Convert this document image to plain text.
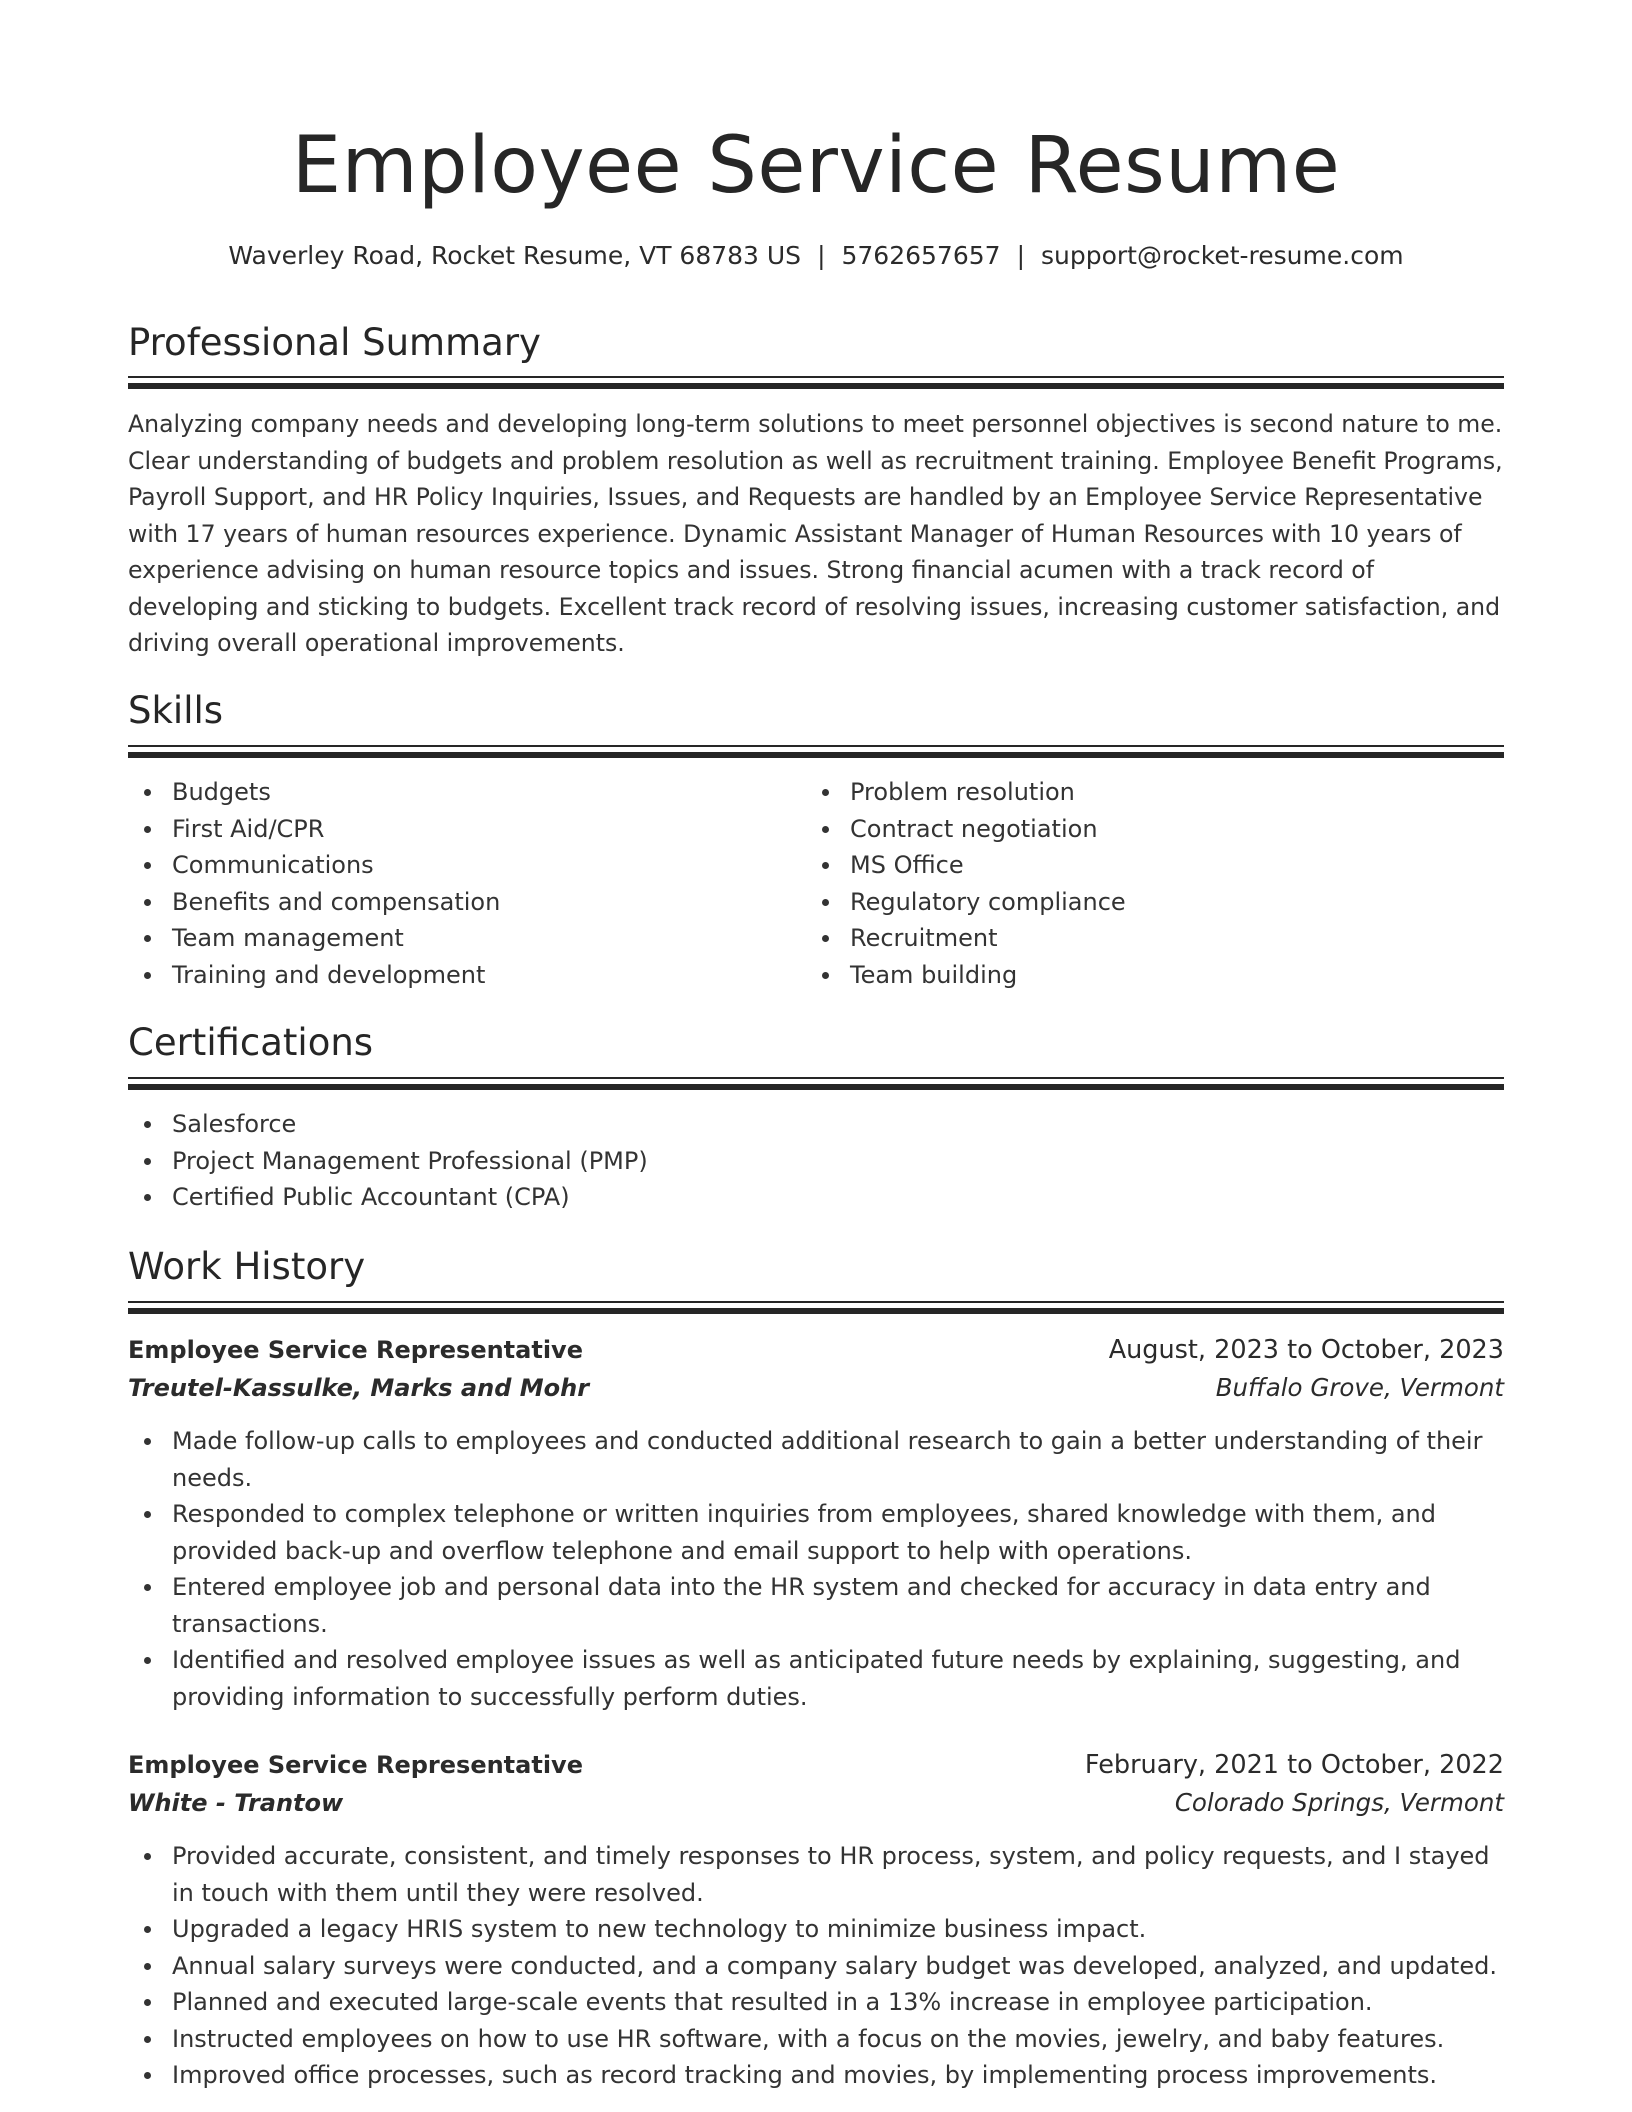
Employee Service Resume
Waverley Road, Rocket Resume, VT 68783 US | 5762657657 | support@rocket-resume.com
Professional Summary

Analyzing company needs and developing long-term solutions to meet personnel objectives is second nature to me. Clear understanding of budgets and problem resolution as well as recruitment training. Employee Benefit Programs, Payroll Support, and HR Policy Inquiries, Issues, and Requests are handled by an Employee Service Representative with 17 years of human resources experience. Dynamic Assistant Manager of Human Resources with 10 years of experience advising on human resource topics and issues. Strong financial acumen with a track record of developing and sticking to budgets. Excellent track record of resolving issues, increasing customer satisfaction, and driving overall operational improvements.

Skills
Budgets
First Aid/CPR
Communications
Benefits and compensation
Team management
Training and development
Problem resolution
Contract negotiation
MS Office
Regulatory compliance
Recruitment
Team building
Certifications
Salesforce
Project Management Professional (PMP)
Certified Public Accountant (CPA)
Work History
Employee Service Representative	August, 2023 to October, 2023
Treutel-Kassulke, Marks and Mohr	Buffalo Grove, Vermont
Made follow-up calls to employees and conducted additional research to gain a better understanding of their needs.
Responded to complex telephone or written inquiries from employees, shared knowledge with them, and provided back-up and overflow telephone and email support to help with operations.
Entered employee job and personal data into the HR system and checked for accuracy in data entry and transactions.
Identified and resolved employee issues as well as anticipated future needs by explaining, suggesting, and providing information to successfully perform duties.
Employee Service Representative	February, 2021 to October, 2022
White - Trantow	Colorado Springs, Vermont
Provided accurate, consistent, and timely responses to HR process, system, and policy requests, and I stayed in touch with them until they were resolved.
Upgraded a legacy HRIS system to new technology to minimize business impact.
Annual salary surveys were conducted, and a company salary budget was developed, analyzed, and updated.
Planned and executed large-scale events that resulted in a 13% increase in employee participation.
Instructed employees on how to use HR software, with a focus on the movies, jewelry, and baby features.
Improved office processes, such as record tracking and movies, by implementing process improvements.
